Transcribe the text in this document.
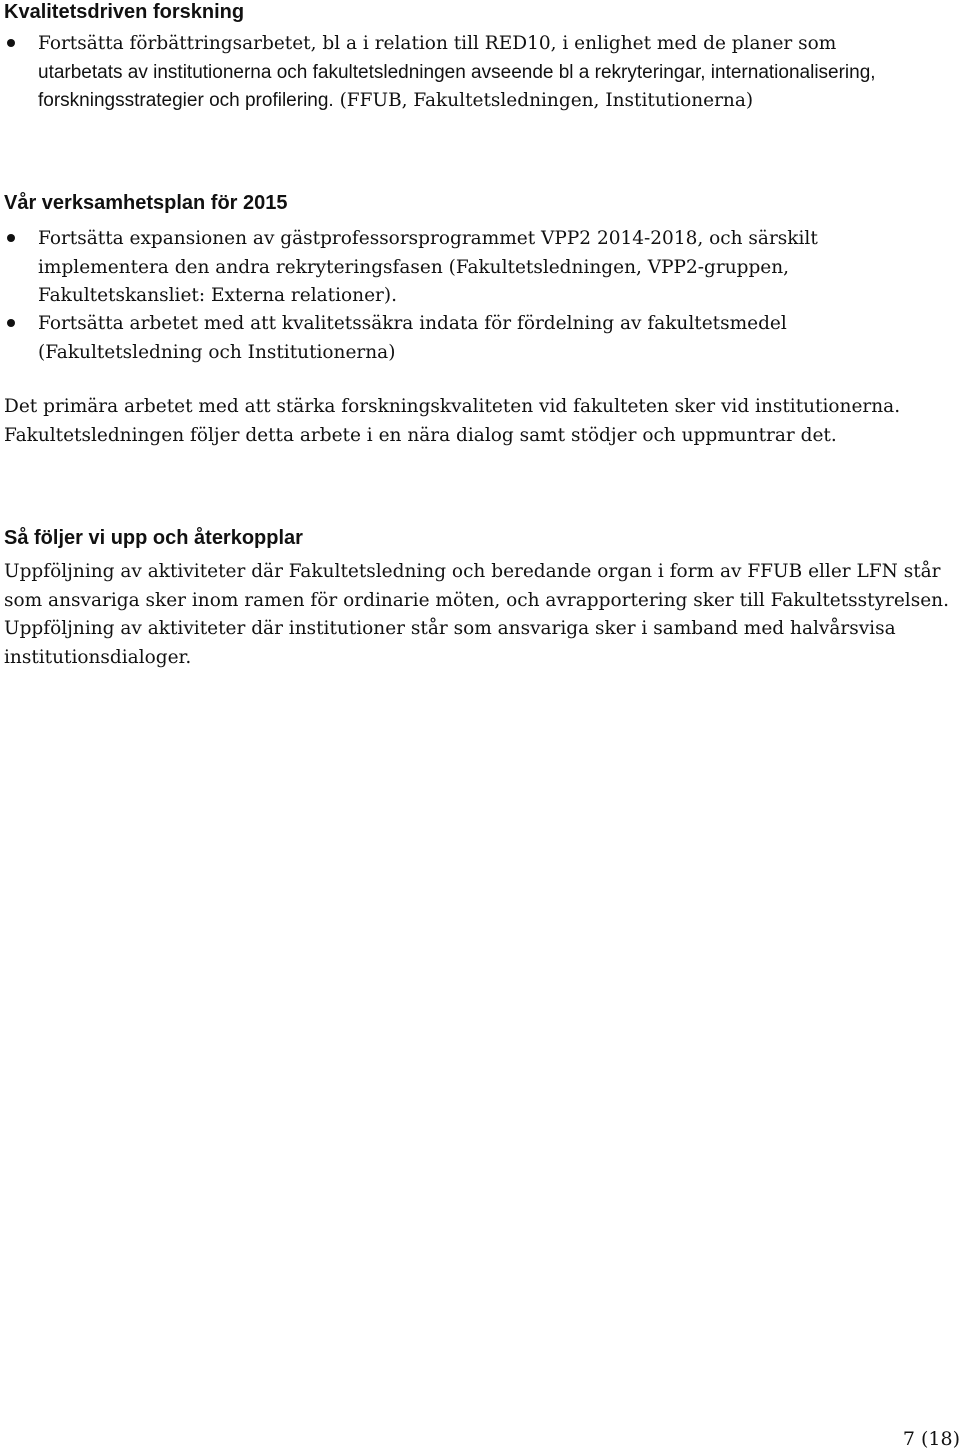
Kvalitetsdriven forskning

Fortsätta förbättringsarbetet, bl a i relation till RED10, i enlighet med de planer som
utarbetats av institutionerna och fakultetsledningen avseende bl a rekryteringar, internationalisering, forskningsstrategier och profilering. (FFUB, Fakultetsledningen, Institutionerna)

Vår verksamhetsplan för 2015

Fortsätta expansionen av gästprofessorsprogrammet VPP2 2014-2018, och särskilt implementera den andra rekryteringsfasen (Fakultetsledningen, VPP2-gruppen, Fakultetskansliet: Externa relationer).

Fortsätta arbetet med att kvalitetssäkra indata för fördelning av fakultetsmedel (Fakultetsledning och Institutionerna)

Det primära arbetet med att stärka forskningskvaliteten vid fakulteten sker vid institutionerna. Fakultetsledningen följer detta arbete i en nära dialog samt stödjer och uppmuntrar det.

Så följer vi upp och återkopplar

Uppföljning av aktiviteter där Fakultetsledning och beredande organ i form av FFUB eller LFN står som ansvariga sker inom ramen för ordinarie möten, och avrapportering sker till Fakultetsstyrelsen. Uppföljning av aktiviteter där institutioner står som ansvariga sker i samband med halvårsvisa institutionsdialoger.

7 (18)
